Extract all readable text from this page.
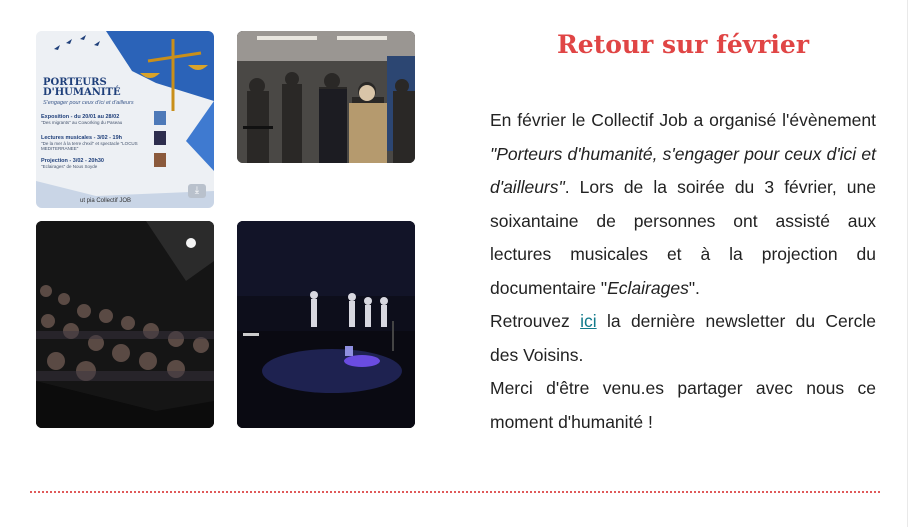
PORTEURS
D'HUMANITÉ
S'engager pour ceux d'ici et d'ailleurs
Exposition - du 20/01 au 28/02
"Des migrants" au Coworking du Paseau
Lectures musicales - 3/02 - 19h
"De la mer à la terre d'exil" et spectacle "LOCUS MEDITERRANEE"
Projection - 3/02 - 20h30
"Eclairages" de Nous Soyde
ut pia Collectif JOB
⤓
Retour sur février

En février le Collectif Job a organisé l'évènement "Porteurs d'humanité, s'engager pour ceux d'ici et d'ailleurs". Lors de la soirée du 3 février, une soixantaine de personnes ont assisté aux lectures musicales et à la projection du documentaire "Eclairages".

Retrouvez ici la dernière newsletter du Cercle des Voisins.

Merci d'être venu.es partager avec nous ce moment d'humanité !
